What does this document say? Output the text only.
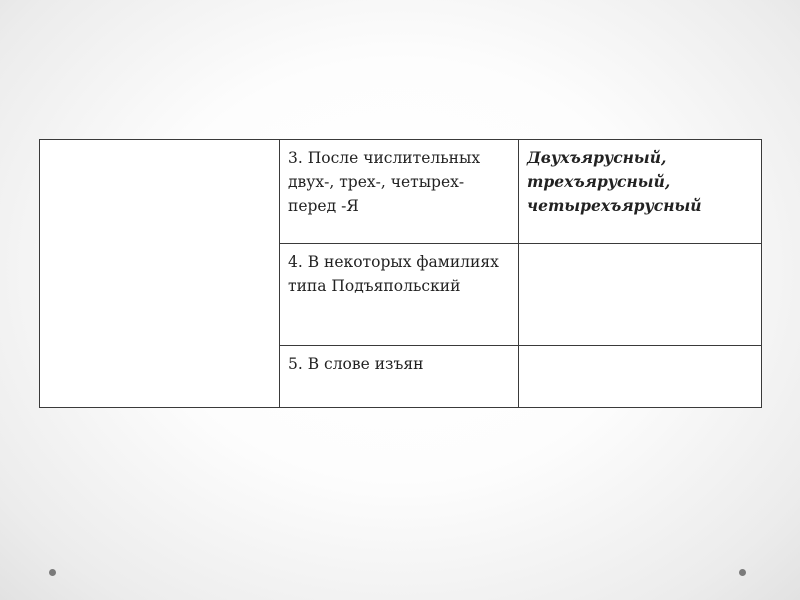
	3. После числительных двух-, трех-, четырех- перед -Я	Двухъярусный, трехъярусный, четырехъярусный
	4. В некоторых фамилиях типа Подъяпольский	
	5. В слове изъян	
